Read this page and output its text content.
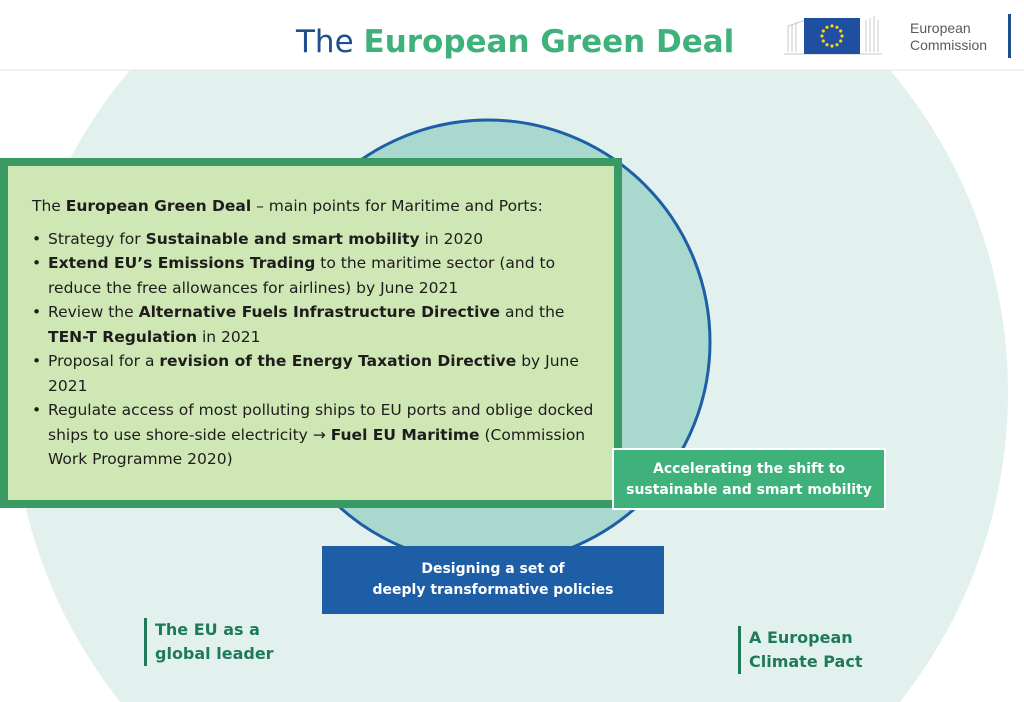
The European Green Deal	European
Commission
The European Green Deal – main points for Maritime and Ports:
• Strategy for Sustainable and smart mobility in 2020
• Extend EU’s Emissions Trading to the maritime sector (and to reduce the free allowances for airlines) by June 2021
• Review the Alternative Fuels Infrastructure Directive and the TEN-T Regulation in 2021
• Proposal for a revision of the Energy Taxation Directive by June 2021
• Regulate access of most polluting ships to EU ports and oblige docked ships to use shore-side electricity → Fuel EU Maritime (Commission Work Programme 2020)
Accelerating the shift to
sustainable and smart mobility
Designing a set of
deeply transformative policies
The EU as a
global leader
A European
Climate Pact
